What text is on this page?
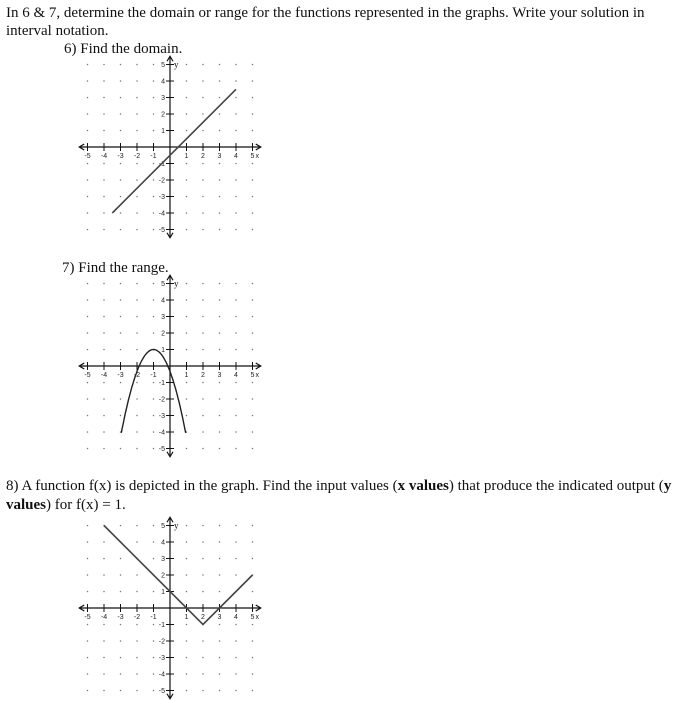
In 6 & 7, determine the domain or range for the functions represented in the graphs. Write your solution in interval notation.
6) Find the domain.
-5 -4 -3 -2 -1	1 2 3 4 5
5
4
3
2
1
-1
-2
-3
-4
-5
y
x
7) Find the range.
-5 -4 -3 -2 -1	1 2 3 4 5
5
4
3
2
1
-1
-2
-3
-4
-5
y
x
8) A function f(x) is depicted in the graph. Find the input values (x values) that produce the indicated output (y values) for f(x) = 1.
-5 -4 -3 -2 -1	1 2 3 4 5
5
4
3
2
1
-1
-2
-3
-4
-5
y
x
